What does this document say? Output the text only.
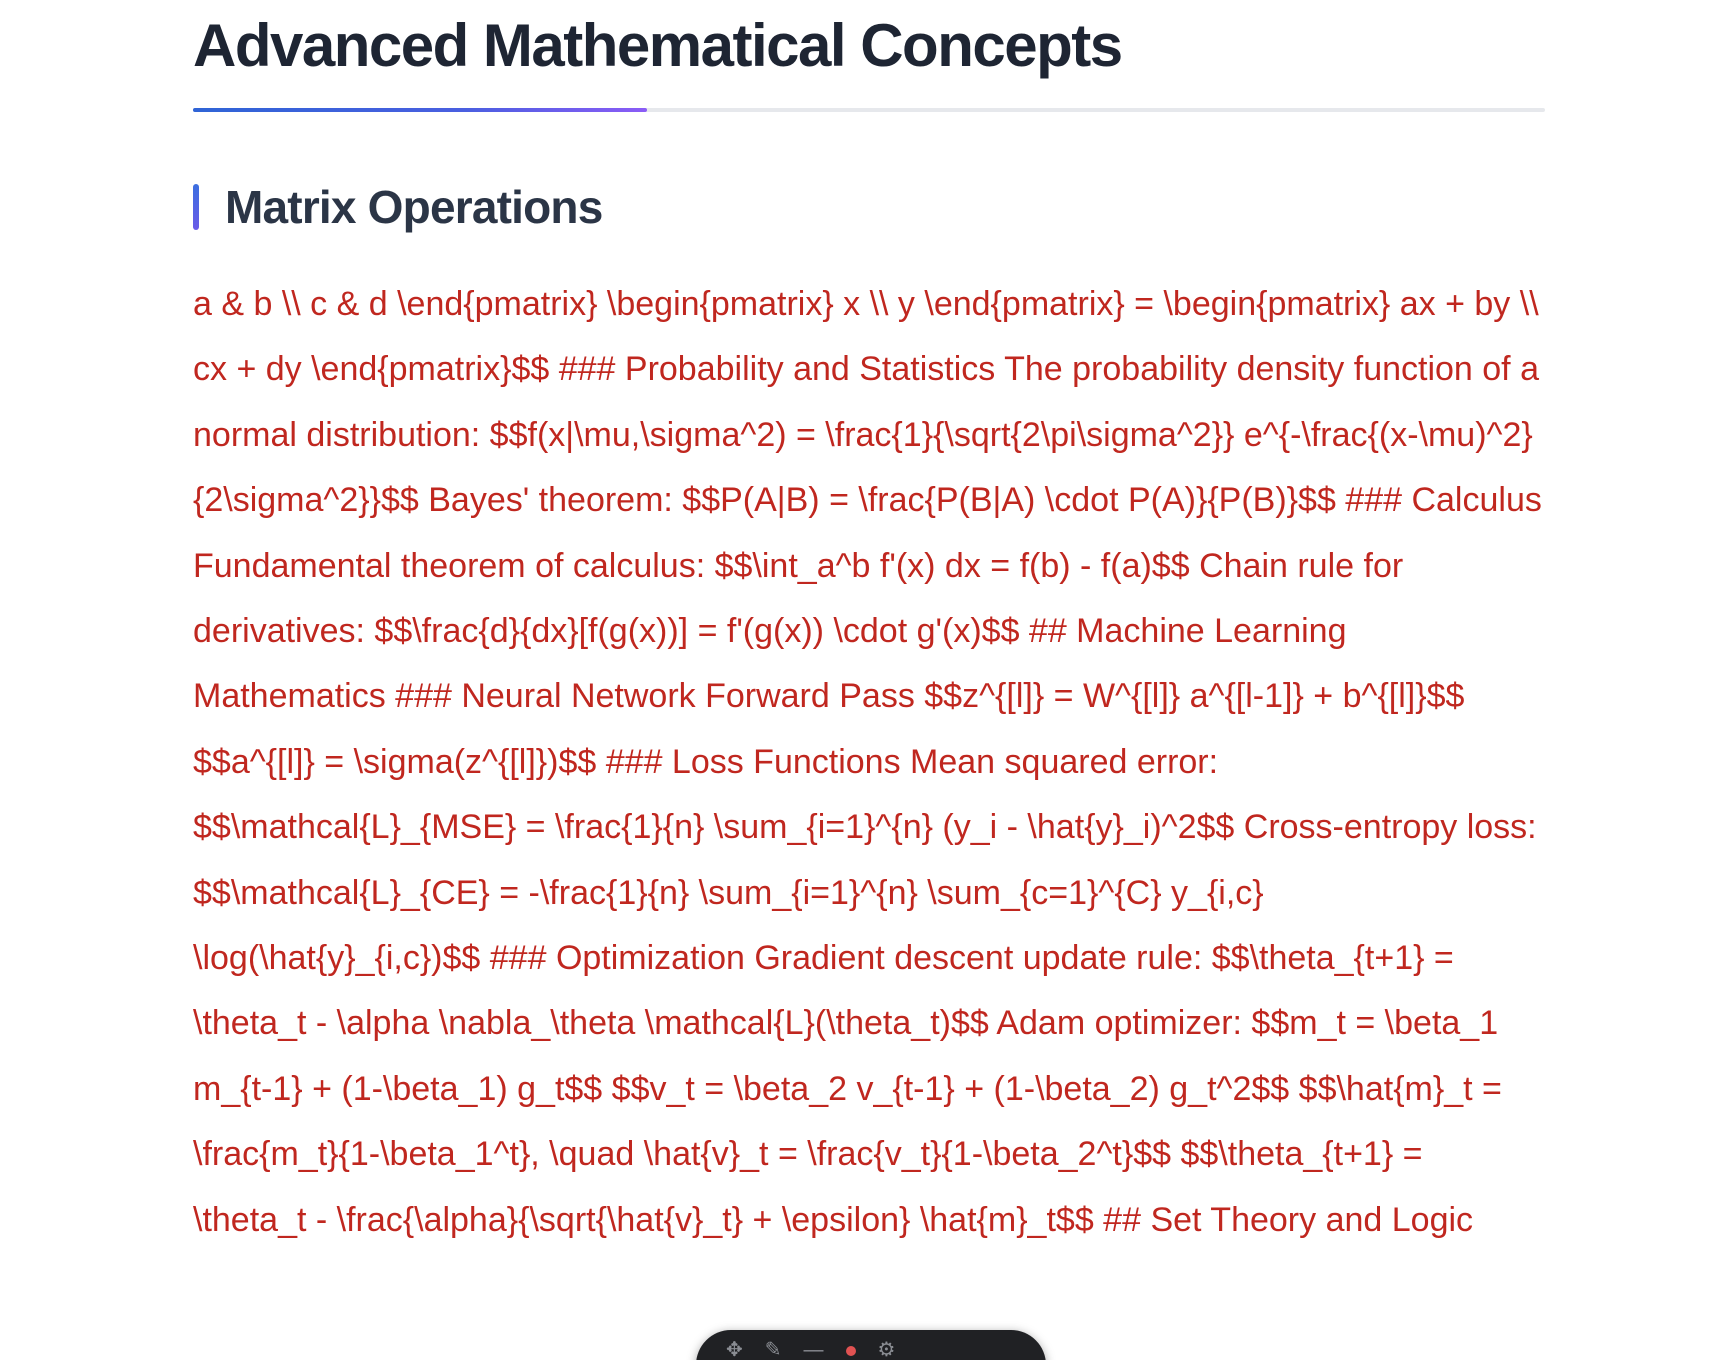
Advanced Mathematical Concepts
Matrix Operations

a & b \\ c & d \end{pmatrix} \begin{pmatrix} x \\ y \end{pmatrix} = \begin{pmatrix} ax + by \\ cx + dy \end{pmatrix}$$ ### Probability and Statistics The probability density function of a normal distribution: $$f(x|\mu,\sigma^2) = \frac{1}{\sqrt{2\pi\sigma^2}} e^{-\frac{(x-\mu)^2}{2\sigma^2}}$$ Bayes' theorem: $$P(A|B) = \frac{P(B|A) \cdot P(A)}{P(B)}$$ ### Calculus Fundamental theorem of calculus: $$\int_a^b f'(x) dx = f(b) - f(a)$$ Chain rule for derivatives: $$\frac{d}{dx}[f(g(x))] = f'(g(x)) \cdot g'(x)$$ ## Machine Learning Mathematics ### Neural Network Forward Pass $$z^{[l]} = W^{[l]} a^{[l-1]} + b^{[l]}$$ $$a^{[l]} = \sigma(z^{[l]})$$ ### Loss Functions Mean squared error: $$\mathcal{L}_{MSE} = \frac{1}{n} \sum_{i=1}^{n} (y_i - \hat{y}_i)^2$$ Cross-entropy loss: $$\mathcal{L}_{CE} = -\frac{1}{n} \sum_{i=1}^{n} \sum_{c=1}^{C} y_{i,c} \log(\hat{y}_{i,c})$$ ### Optimization Gradient descent update rule: $$\theta_{t+1} = \theta_t - \alpha \nabla_\theta \mathcal{L}(\theta_t)$$ Adam optimizer: $$m_t = \beta_1 m_{t-1} + (1-\beta_1) g_t$$ $$v_t = \beta_2 v_{t-1} + (1-\beta_2) g_t^2$$ $$\hat{m}_t = \frac{m_t}{1-\beta_1^t}, \quad \hat{v}_t = \frac{v_t}{1-\beta_2^t}$$ $$\theta_{t+1} = \theta_t - \frac{\alpha}{\sqrt{\hat{v}_t} + \epsilon} \hat{m}_t$$ ## Set Theory and Logic

✥ ✎ —	⚙
